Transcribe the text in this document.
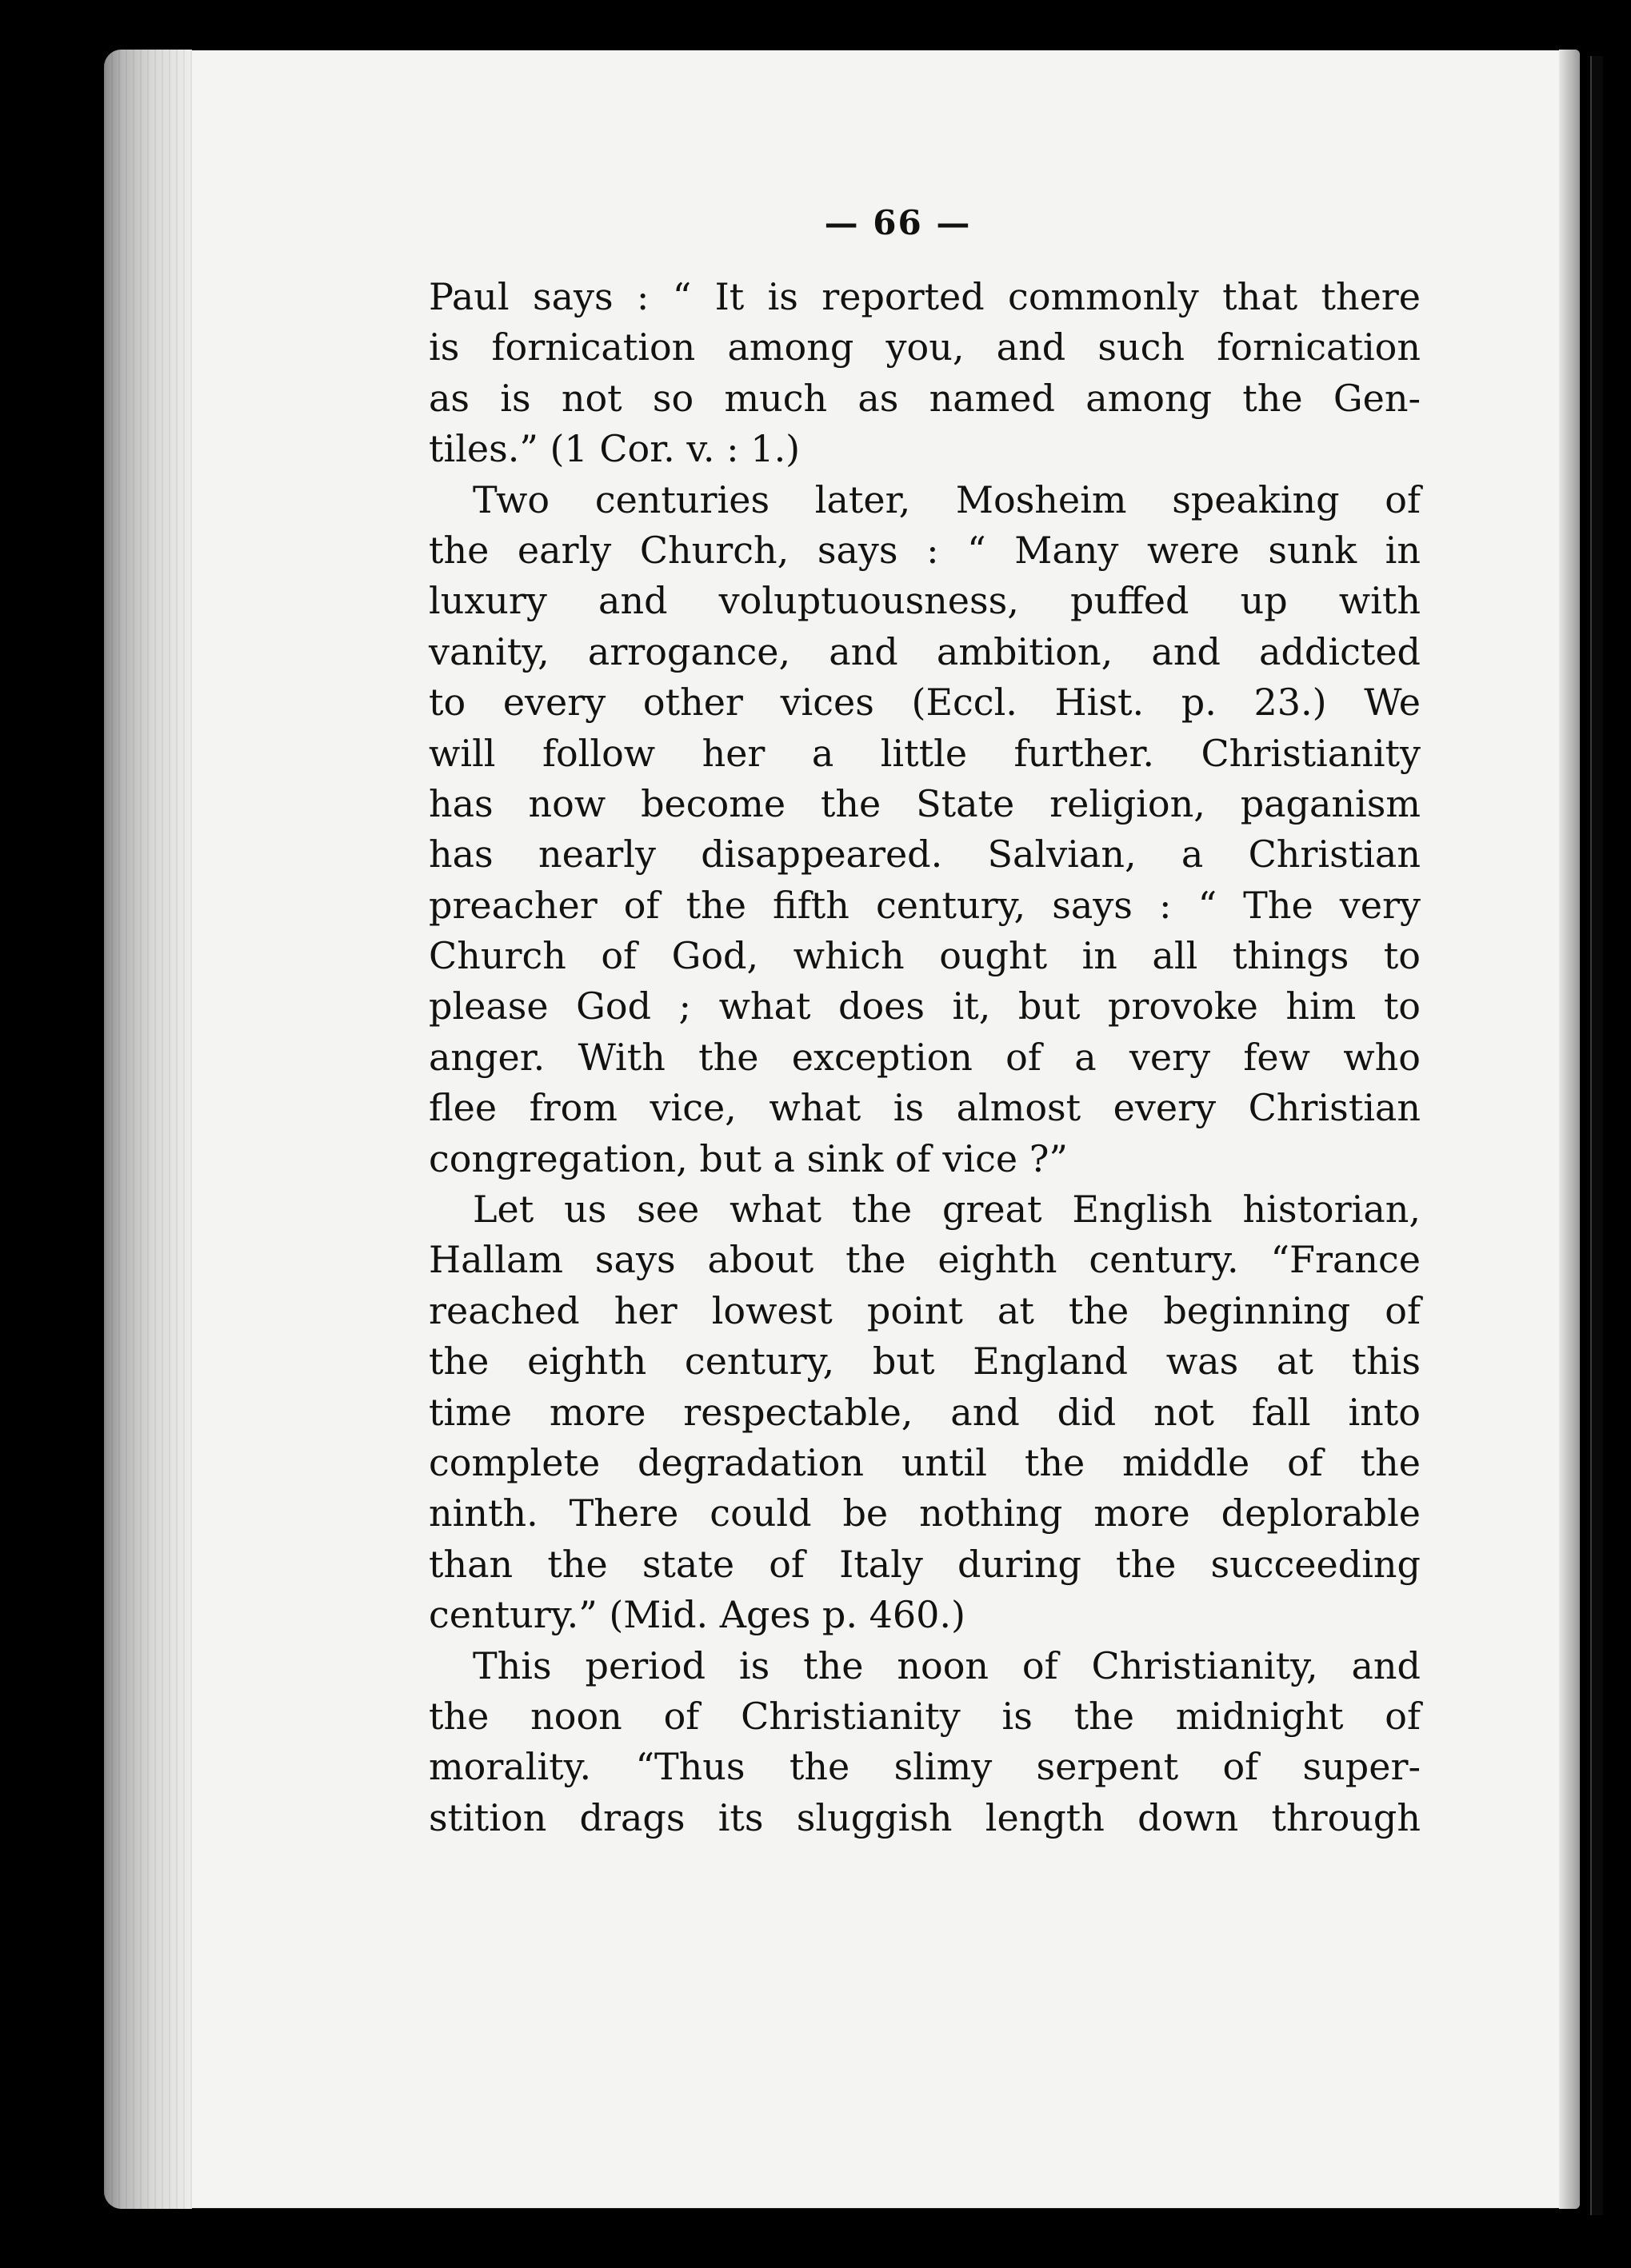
— 66 —
Paul says : “ It is reported commonly that there
is fornication among you, and such fornication
as is not so much as named among the Gen-
tiles.” (1 Cor. v. : 1.)
Two centuries later, Mosheim speaking of
the early Church, says : “ Many were sunk in
luxury and voluptuousness, puffed up with
vanity, arrogance, and ambition, and addicted
to every other vices (Eccl. Hist. p. 23.) We
will follow her a little further. Christianity
has now become the State religion, paganism
has nearly disappeared. Salvian, a Christian
preacher of the fifth century, says : “ The very
Church of God, which ought in all things to
please God ; what does it, but provoke him to
anger. With the exception of a very few who
flee from vice, what is almost every Christian
congregation, but a sink of vice ?”
Let us see what the great English historian,
Hallam says about the eighth century. “France
reached her lowest point at the beginning of
the eighth century, but England was at this
time more respectable, and did not fall into
complete degradation until the middle of the
ninth. There could be nothing more deplorable
than the state of Italy during the succeeding
century.” (Mid. Ages p. 460.)
This period is the noon of Christianity, and
the noon of Christianity is the midnight of
morality. “Thus the slimy serpent of super-
stition drags its sluggish length down through
